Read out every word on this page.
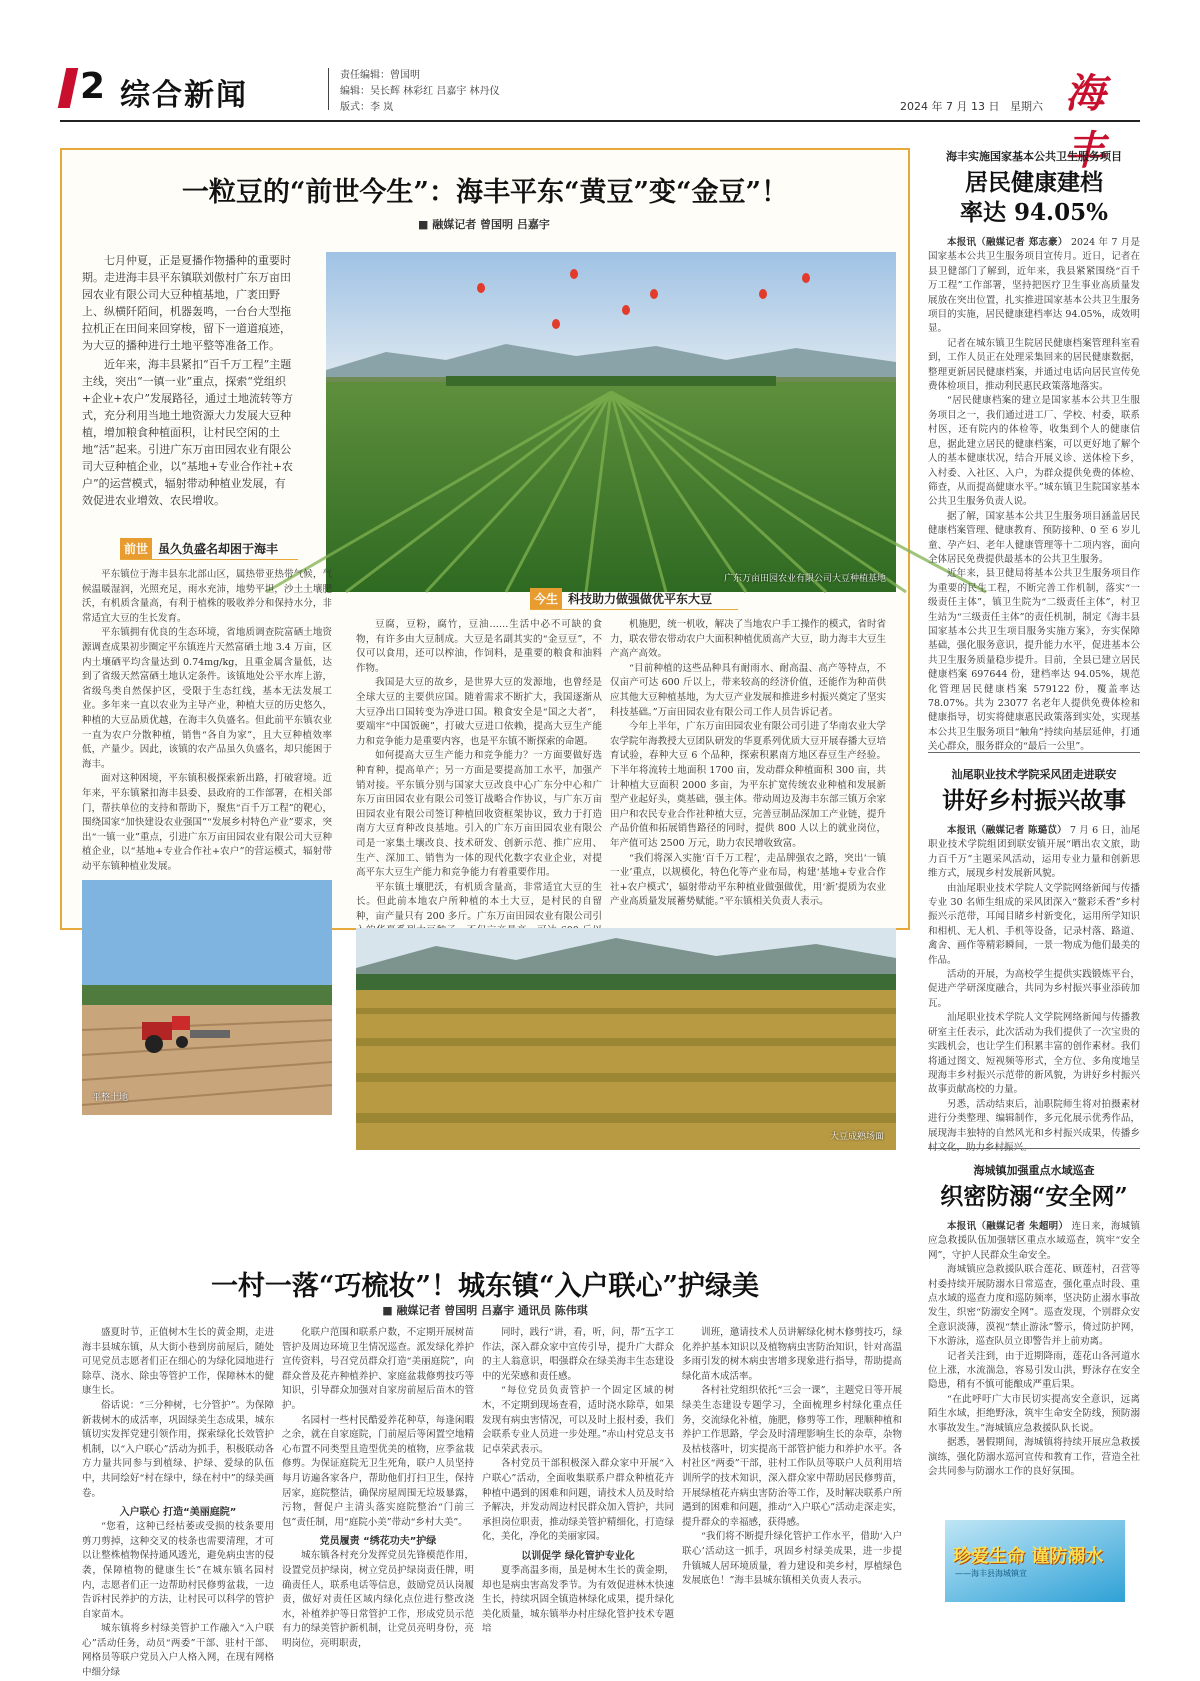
2 综合新闻
责任编辑：曾国明
编辑：吴长辉 林彩红 吕嘉宇 林丹仪
版式：李 岚	2024 年 7 月 13 日 星期六 海丰
一粒豆的“前世今生”：海丰平东“黄豆”变“金豆”！
■ 融媒记者 曾国明 吕嘉宇

七月仲夏，正是夏播作物播种的重要时期。走进海丰县平东镇联刘傲村广东万亩田园农业有限公司大豆种植基地，广袤田野上、纵横阡陌间，机器轰鸣，一台台大型拖拉机正在田间来回穿梭，留下一道道痕迹，为大豆的播种进行土地平整等准备工作。

近年来，海丰县紧扣“百千万工程”主题主线，突出“一镇一业”重点，探索“党组织+企业+农户”发展路径，通过土地流转等方式，充分利用当地土地资源大力发展大豆种植，增加粮食种植面积，让村民空闲的土地“活”起来。引进广东万亩田园农业有限公司大豆种植企业，以“基地+专业合作社+农户”的运营模式，辐射带动种植业发展，有效促进农业增效、农民增收。

广东万亩田园农业有限公司大豆种植基地
前世 虽久负盛名却困于海丰

平东镇位于海丰县东北部山区，属热带亚热带气候，气候温暖湿润，光照充足，雨水充沛，地势平坦，沙土土壤肥沃，有机质含量高，有利于植株的吸收养分和保持水分，非常适宜大豆的生长发育。

平东镇拥有优良的生态环境，省地质调查院富硒土地资源调查成果初步圈定平东镇连片天然富硒土地 3.4 万亩，区内土壤硒平均含量达到 0.74mg/kg，且重金属含量低，达到了省级天然富硒土地认定条件。该镇地处公平水库上游，省级鸟类自然保护区，受限于生态红线，基本无法发展工业。多年来一直以农业为主导产业，种植大豆的历史悠久，种植的大豆品质优越，在海丰久负盛名。但此前平东镇农业一直为农户分散种植，销售“各自为家”，且大豆种植效率低，产量少。因此，该镇的农产品虽久负盛名，却只能困于海丰。

面对这种困境，平东镇积极探索新出路，打破窘境。近年来，平东镇紧扣海丰县委、县政府的工作部署，在相关部门，帮扶单位的支持和帮助下，聚焦“百千万工程”的靶心，围绕国家“加快建设农业强国”“发展乡村特色产业”要求，突出“一镇一业”重点，引进广东万亩田园农业有限公司大豆种植企业，以“基地+专业合作社+农户”的营运模式，辐射带动平东镇种植业发展。

今生 科技助力做强做优平东大豆

豆腐，豆粉，腐竹，豆油……生活中必不可缺的食物，有许多由大豆制成。大豆是名副其实的“金豆豆”，不仅可以食用，还可以榨油，作饲料，是重要的粮食和油料作物。

我国是大豆的故乡，是世界大豆的发源地，也曾经是全球大豆的主要供应国。随着需求不断扩大，我国逐渐从大豆净出口国转变为净进口国。粮食安全是“国之大者”，要端牢“中国饭碗”，打破大豆进口依赖，提高大豆生产能力和竞争能力是重要内容，也是平东镇不断探索的命题。

如何提高大豆生产能力和竞争能力？一方面要做好选种育种，提高单产；另一方面是要提高加工水平，加强产销对接。平东镇分别与国家大豆改良中心广东分中心和广东万亩田园农业有限公司签订战略合作协议，与广东万亩田园农业有限公司签订种植回收资框架协议，致力于打造南方大豆育种改良基地。引入的广东万亩田园农业有限公司是一家集土壤改良、技术研发、创新示范、推广应用、生产、深加工、销售为一体的现代化数字农业企业，对提高平东大豆生产能力和竞争能力有着重要作用。

平东镇土壤肥沃，有机质含量高，非常适宜大豆的生长。但此前本地农户所种植的本土大豆，是村民的自留种，亩产量只有 200 多斤。广东万亩田园农业有限公司引

机施肥，统一机收，解决了当地农户手工操作的模式，省时省力，联农带农带动农户大面积种植优质高产大豆，助力海丰大豆生产高产高效。

“目前种植的这些品种具有耐雨水、耐高温、高产等特点，不仅亩产可达 600 斤以上，带来较高的经济价值，还能作为种苗供应其他大豆种植基地，为大豆产业发展和推进乡村振兴奠定了坚实科技基础。”万亩田园农业有限公司工作人员告诉记者。

今年上半年，广东万亩田园农业有限公司引进了华南农业大学农学院年海教授大豆团队研发的华夏系列优质大豆开展春播大豆培育试验，春种大豆 6 个品种，探索积累南方地区春豆生产经验。下半年将流转土地面积 1700 亩，发动群众种植面积 300 亩，共计种植大豆面积 2000 多亩，为平东扩宽传统农业种植和发展新型产业起好头，奠基础，强主体。带动周边及海丰东部三镇万余家田户和农民专业合作社种植大豆，完善豆制品深加工产业链，提升产品价值和拓展销售路径的同时，提供 800 人以上的就业岗位，年产值可达 2500 万元，助力农民增收致富。

“我们将深入实施‘百千万工程’，走品牌强农之路，突出‘一镇一业’重点，以规模化，特色化等产业布局，构建‘基地+专业合作社+农户模式’，辐射带动平东种植业做强做优，用‘新’提质为农业产业高质量发展蓄势赋能。”平东镇相关负责人表示。

平整土地
大豆成熟场面
海丰实施国家基本公共卫生服务项目
居民健康建档
率达 94.05%

本报讯（融媒记者 郑志豪） 2024 年 7 月是国家基本公共卫生服务项目宣传月。近日，记者在县卫健部门了解到，近年来，我县紧紧围绕“百千万工程”工作部署，坚持把医疗卫生事业高质量发展放在突出位置，扎实推进国家基本公共卫生服务项目的实施，居民健康建档率达 94.05%，成效明显。

记者在城东镇卫生院居民健康档案管理科室看到，工作人员正在处理采集回来的居民健康数据，整理更新居民健康档案，并通过电话向居民宣传免费体检项目，推动利民惠民政策落地落实。

“居民健康档案的建立是国家基本公共卫生服务项目之一，我们通过进工厂、学校、村委，联系村医，还有院内的体检等，收集到个人的健康信息，据此建立居民的健康档案，可以更好地了解个人的基本健康状况，结合开展义诊、送体检下乡，入村委、入社区、入户，为群众提供免费的体检、筛查，从而提高健康水平。”城东镇卫生院国家基本公共卫生服务负责人说。

据了解，国家基本公共卫生服务项目涵盖居民健康档案管理、健康教育、预防接种、0 至 6 岁儿童、孕产妇、老年人健康管理等十二项内容，面向全体居民免费提供最基本的公共卫生服务。

近年来，县卫健局将基本公共卫生服务项目作为重要的民生工程，不断完善工作机制，落实“一级责任主体”，镇卫生院为“二级责任主体”，村卫生站为“三级责任主体”的责任机制，制定《海丰县国家基本公共卫生项目服务实施方案》，夯实保障基础，强化服务意识，提升能力水平，促进基本公共卫生服务质量稳步提升。目前，全县已建立居民健康档案 697644 份，建档率达 94.05%，规范化管理居民健康档案 579122 份，覆盖率达 78.07%。共为 23077 名老年人提供免费体检和健康指导，切实将健康惠民政策落到实处，实现基本公共卫生服务项目“触角”持续向基层延伸，打通关心群众，服务群众的“最后一公里”。

汕尾职业技术学院采风团走进联安
讲好乡村振兴故事

本报讯（融媒记者 陈璐苡） 7 月 6 日，汕尾职业技术学院组团到联安镇开展“晒出农文旅，助力百千万”主题采风活动，运用专业力量和创新思维方式，展现乡村发展新风貌。

由汕尾职业技术学院人文学院网络新闻与传播专业 30 名师生组成的采风团深入“鳌彩禾香”乡村振兴示范带，耳闻目睹乡村新变化，运用所学知识和相机、无人机、手机等设备，记录村落、路道、禽舍、画作等精彩瞬间，一景一物成为他们最美的作品。

活动的开展，为高校学生提供实践锻炼平台，促进产学研深度融合，共同为乡村振兴事业添砖加瓦。

汕尾职业技术学院人文学院网络新闻与传播教研室主任表示，此次活动为我们提供了一次宝贵的实践机会，也让学生们积累丰富的创作素材。我们将通过图文、短视频等形式，全方位、多角度地呈现海丰乡村振兴示范带的新风貌，为讲好乡村振兴故事贡献高校的力量。

另悉，活动结束后，汕职院师生将对拍摄素材进行分类整理、编辑制作，多元化展示优秀作品，展现海丰独特的自然风光和乡村振兴成果，传播乡

海城镇加强重点水域巡查
织密防溺“安全网”

本报讯（融媒记者 朱超明） 连日来，海城镇应急救援队伍加强辖区重点水域巡查，筑牢“安全网”，守护人民群众生命安全。

海城镇应急救援队联合莲花、顾莲村，召营等村委持续开展防溺水日常巡查，强化重点时段、重点水域的巡查力度和巡防频率，坚决防止溺水事故发生，织密“防溺安全网”。巡查发现，个别群众安全意识淡薄，漠视“禁止游泳”警示，倚过防护网，下水游泳，巡查队员立即警告并上前劝离。

记者关注到，由于近期降雨，莲花山各河道水位上涨，水流湍急，容易引发山洪，野泳存在安全隐患，稍有不慎可能酿成严重后果。

“在此呼吁广大市民切实提高安全意识，远离陌生水域，拒绝野泳，筑牢生命安全防线，预防溺水事故发生。”海城镇应急救援队队长说。

据悉，暑假期间，海城镇将持续开展应急救援演练，强化防溺水巡河宣传和教育工作，营造全社会共同参与防溺水工作的良好氛围。

珍爱生命 谨防溺水
——海丰县海城镇宣
一村一落“巧梳妆”！城东镇“入户联心”护绿美
■ 融媒记者 曾国明 吕嘉宇 通讯员 陈伟琪

盛夏时节，正值树木生长的黄金期，走进海丰县城东镇，从大街小巷到房前屋后，随处可见党员志愿者们正在细心的为绿化园地进行除草、浇水、除虫等管护工作，保障林木的健康生长。

俗话说：“三分种树，七分管护”。为保障新栽树木的成活率，巩固绿美生态成果，城东镇切实发挥党建引领作用，探索绿化长效管护机制，以“入户联心”活动为抓手，积极联动各方力量共同参与到植绿、护绿、爱绿的队伍中，共同绘好“村在绿中，绿在村中”的绿美画卷。

入户联心 打造“美丽庭院”

“您看，这种已经枯萎或受损的枝条要用剪刀剪掉，这种交叉的枝条也需要清理，才可以让整株植物保持通风透光，避免病虫害的侵袭，保障植物的健康生长”在城东镇名园村内，志愿者们正一边帮助村民修剪盆栽，一边告诉村民养护的方法，让村民可以科学的管护自家苗木。

城东镇将乡村绿美管护工作融入“入户联心”活动任务，动员“两委”干部、驻村干部、网格员等联户党员入户人格入网，在现有网格中细分绿

化联户范围和联系户数，不定期开展树苗管护及周边环境卫生情况巡查。派发绿化养护宣传资料，号召党员群众打造“美丽庭院”，向群众普及花卉种植养护、家庭盆栽修剪技巧等知识，引导群众加强对自家房前屋后苗木的管护。

名园村一些村民酷爱养花种草，每逢闲暇之余，就在自家庭院，门前屋后等闲置空地精心布置不同类型且造型优美的植物，应季盆栽修剪。为保证庭院无卫生死角，联户人员坚持每月访遍各家各户，帮助他们打扫卫生，保持居家，庭院整洁，确保房屋周围无垃圾暴露，污物，督促户主清头落实庭院整治“门前三包”责任制，用“庭院小美”带动“乡村大美”。

党员履责 “绣花功夫”护绿

城东镇各村充分发挥党员先锋模范作用，设置党员护绿岗，树立党员护绿岗责任牌，明确责任人，联系电话等信息，鼓励党员认岗履责，做好对责任区域内绿化点位进行整改浇水，补植养护等日常管护工作，形成党员示范有力的绿美管护新机制，让党员亮明身份，亮明岗位，亮明职责，

同时，践行“讲，看，听，问，帮”五字工作法，深入群众家中宣传引导，提升广大群众的主人翁意识，唱强群众在绿美海丰生态建设中的光荣感和责任感。

“每位党员负责管护一个固定区域的树木，不定期到现场查看，适时浇水除草，如果发现有病虫害情况，可以及时上报村委，我们会联系专业人员进一步处理。”赤山村党总支书记卓荣武表示。

各村党员干部积极深入群众家中开展“入户联心”活动，全面收集联系户群众种植花卉种植中遇到的困难和问题，请技术人员及时给予解决，并发动周边村民群众加入管护，共同承担岗位职责，推动绿美管护精细化，打造绿化，美化，净化的美丽家园。

以训促学 绿化管护专业化

夏季高温多雨，虽是树木生长的黄金期，却也是病虫害高发季节。为有效促进林木快速生长，持续巩固全镇造林绿化成果，提升绿化美化质量，城东镇举办村庄绿化管护技术专题培

训班，邀请技术人员讲解绿化树木修剪技巧，绿化养护基本知识以及植物病虫害防治知识，针对高温多雨引发的树木病虫害增多现象进行指导，帮助提高绿化苗木成活率。

各村社党组织依托“三会一课”，主题党日等开展绿美生态建设专题学习，全面梳理乡村绿化重点任务，交流绿化补植，施肥，修剪等工作，理顺种植和养护工作思路，学会及时清理影响生长的杂草，杂物及枯枝落叶，切实提高干部管护能力和养护水平。各村社区“两委”干部，驻村工作队员等联户人员利用培训所学的技术知识，深入群众家中帮助居民修剪苗，开展绿植花卉病虫害防治等工作，及时解决联系户所遇到的困难和问题，推动“入户联心”活动走深走实，提升群众的幸福感，获得感。

“我们将不断提升绿化管护工作水平，借助‘入户联心’活动这一抓手，巩固乡村绿美成果，进一步提升镇城人居环境质量，着力建设和美乡村，厚植绿色发展底色！”海丰县城东镇相关负责人表示。
